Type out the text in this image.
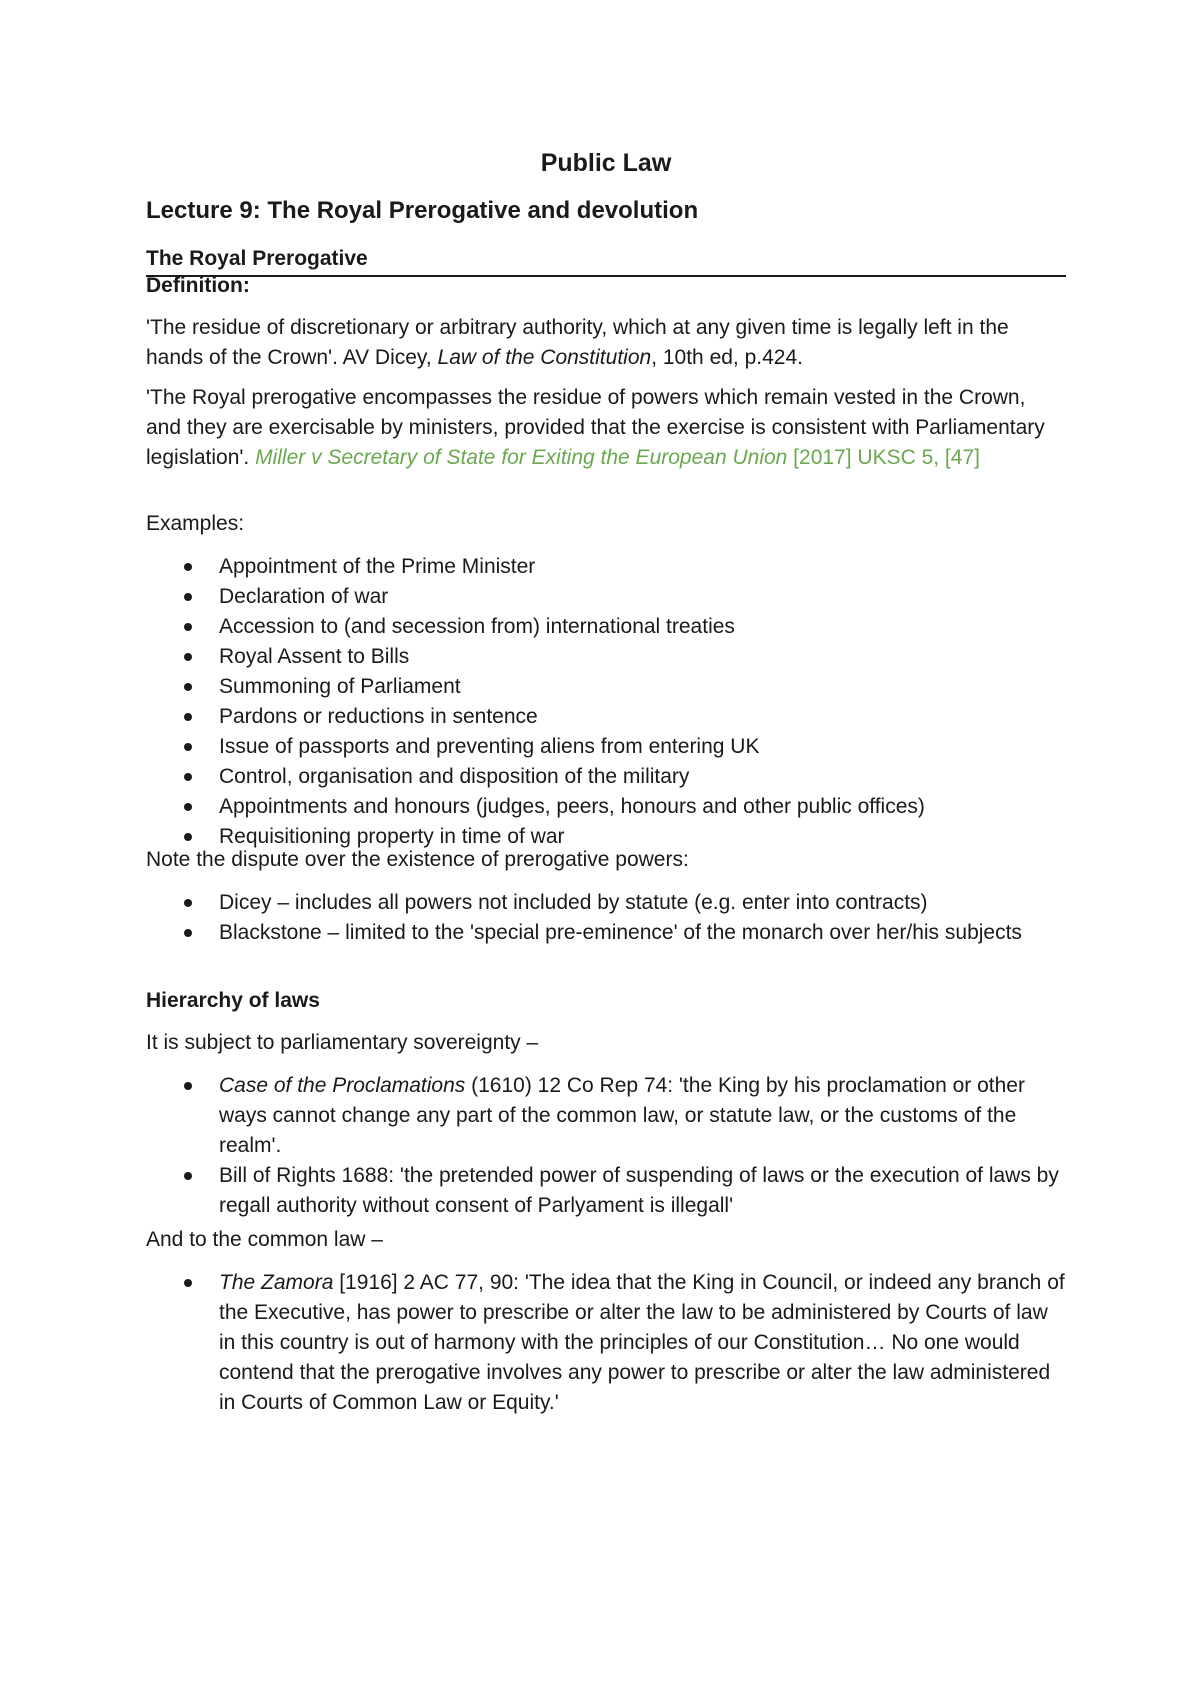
Public Law
Lecture 9: The Royal Prerogative and devolution
The Royal Prerogative

Definition:

'The residue of discretionary or arbitrary authority, which at any given time is legally left in the hands of the Crown'. AV Dicey, Law of the Constitution, 10th ed, p.424.

'The Royal prerogative encompasses the residue of powers which remain vested in the Crown, and they are exercisable by ministers, provided that the exercise is consistent with Parliamentary legislation'. Miller v Secretary of State for Exiting the European Union [2017] UKSC 5, [47]

Examples:

Appointment of the Prime Minister
Declaration of war
Accession to (and secession from) international treaties
Royal Assent to Bills
Summoning of Parliament
Pardons or reductions in sentence
Issue of passports and preventing aliens from entering UK
Control, organisation and disposition of the military
Appointments and honours (judges, peers, honours and other public offices)
Requisitioning property in time of war

Note the dispute over the existence of prerogative powers:

Dicey – includes all powers not included by statute (e.g. enter into contracts)
Blackstone – limited to the 'special pre-eminence' of the monarch over her/his subjects

Hierarchy of laws

It is subject to parliamentary sovereignty –

Case of the Proclamations (1610) 12 Co Rep 74: 'the King by his proclamation or other ways cannot change any part of the common law, or statute law, or the customs of the realm'.
Bill of Rights 1688: 'the pretended power of suspending of laws or the execution of laws by regall authority without consent of Parlyament is illegall'

And to the common law –

The Zamora [1916] 2 AC 77, 90: 'The idea that the King in Council, or indeed any branch of the Executive, has power to prescribe or alter the law to be administered by Courts of law in this country is out of harmony with the principles of our Constitution… No one would contend that the prerogative involves any power to prescribe or alter the law administered in Courts of Common Law or Equity.'
